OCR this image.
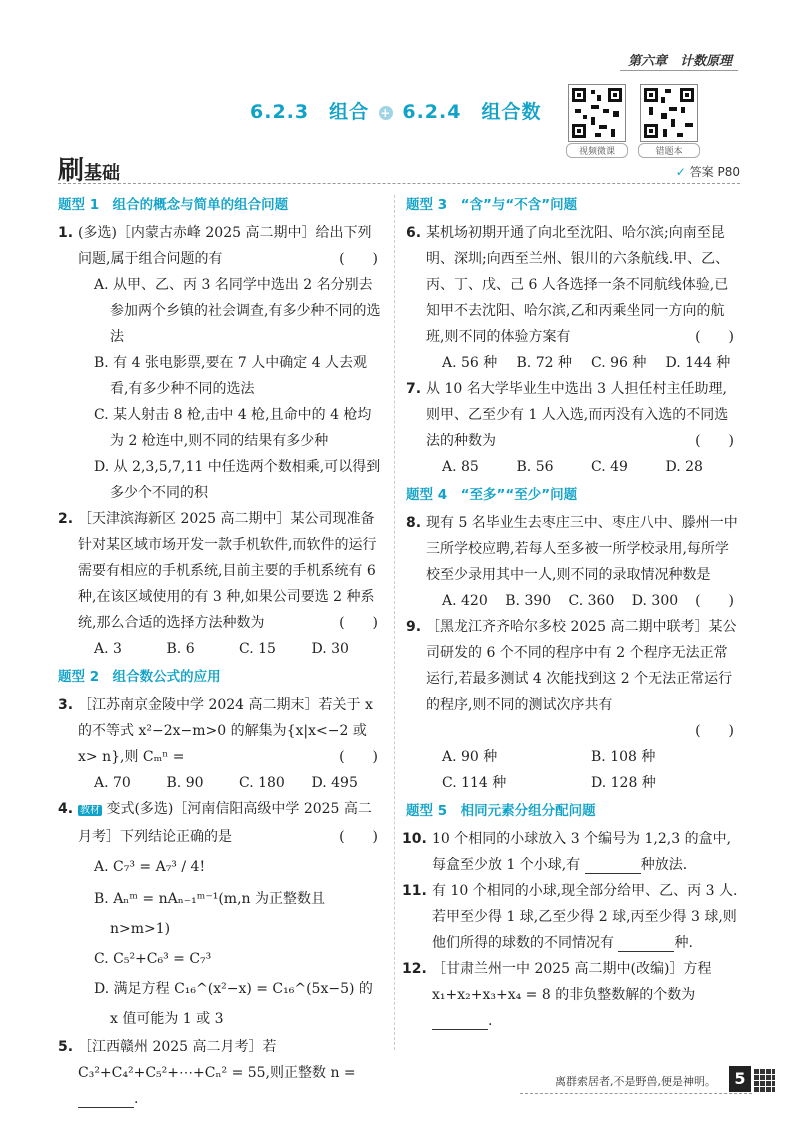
第六章　计数原理
6.2.3　组合 + 6.2.4　组合数
视频微课	错题本
刷基础	✓ 答案 P80
题型 1　组合的概念与简单的组合问题
1. (多选)［内蒙古赤峰 2025 高二期中］给出下列问题,属于组合问题的有	(　　)
A. 从甲、乙、丙 3 名同学中选出 2 名分别去参加两个乡镇的社会调查,有多少种不同的选法
B. 有 4 张电影票,要在 7 人中确定 4 人去观看,有多少种不同的选法
C. 某人射击 8 枪,击中 4 枪,且命中的 4 枪均为 2 枪连中,则不同的结果有多少种
D. 从 2,3,5,7,11 中任选两个数相乘,可以得到多少个不同的积
2. ［天津滨海新区 2025 高二期中］某公司现准备针对某区域市场开发一款手机软件,而软件的运行需要有相应的手机系统,目前主要的手机系统有 6 种,在该区域使用的有 3 种,如果公司要选 2 种系统,那么合适的选择方法种数为	(　　)
A. 3	B. 6	C. 15	D. 30
题型 2　组合数公式的应用
3. ［江苏南京金陵中学 2024 高二期末］若关于 x 的不等式 x²−2x−m>0 的解集为{x|x<−2 或 x> n},则 Cₘⁿ =	(　　)
A. 70	B. 90	C. 180	D. 495
4. 教材 变式(多选)［河南信阳高级中学 2025 高二月考］下列结论正确的是	(　　)
A. C₇³ = A₇³ / 4!
B. Aₙᵐ = nAₙ₋₁ᵐ⁻¹(m,n 为正整数且 n>m>1)
C. C₅²+C₆³ = C₇³
D. 满足方程 C₁₆^(x²−x) = C₁₆^(5x−5) 的 x 值可能为 1 或 3
5. ［江西赣州 2025 高二月考］若 C₃²+C₄²+C₅²+⋯+Cₙ² = 55,则正整数 n = .
题型 3　“含”与“不含”问题
6. 某机场初期开通了向北至沈阳、哈尔滨;向南至昆明、深圳;向西至兰州、银川的六条航线.甲、乙、丙、丁、戊、己 6 人各选择一条不同航线体验,已知甲不去沈阳、哈尔滨,乙和丙乘坐同一方向的航班,则不同的体验方案有	(　　)
A. 56 种	B. 72 种	C. 96 种	D. 144 种
7. 从 10 名大学毕业生中选出 3 人担任村主任助理,则甲、乙至少有 1 人入选,而丙没有入选的不同选法的种数为	(　　)
A. 85	B. 56	C. 49	D. 28
题型 4　“至多”“至少”问题
8. 现有 5 名毕业生去枣庄三中、枣庄八中、滕州一中三所学校应聘,若每人至多被一所学校录用,每所学校至少录用其中一人,则不同的录取情况种数是
(　　)
A. 420	B. 390	C. 360	D. 300
9. ［黑龙江齐齐哈尔多校 2025 高二期中联考］某公司研发的 6 个不同的程序中有 2 个程序无法正常运行,若最多测试 4 次能找到这 2 个无法正常运行的程序,则不同的测试次序共有
(　　)
A. 90 种	B. 108 种
C. 114 种	D. 128 种
题型 5　相同元素分组分配问题
10. 10 个相同的小球放入 3 个编号为 1,2,3 的盒中,每盒至少放 1 个小球,有	种放法.
11. 有 10 个相同的小球,现全部分给甲、乙、丙 3 人.若甲至少得 1 球,乙至少得 2 球,丙至少得 3 球,则他们所得的球数的不同情况有	种.
12. ［甘肃兰州一中 2025 高二期中(改编)］方程 x₁+x₂+x₃+x₄ = 8 的非负整数解的个数为 .
离群索居者,不是野兽,便是神明。	5
